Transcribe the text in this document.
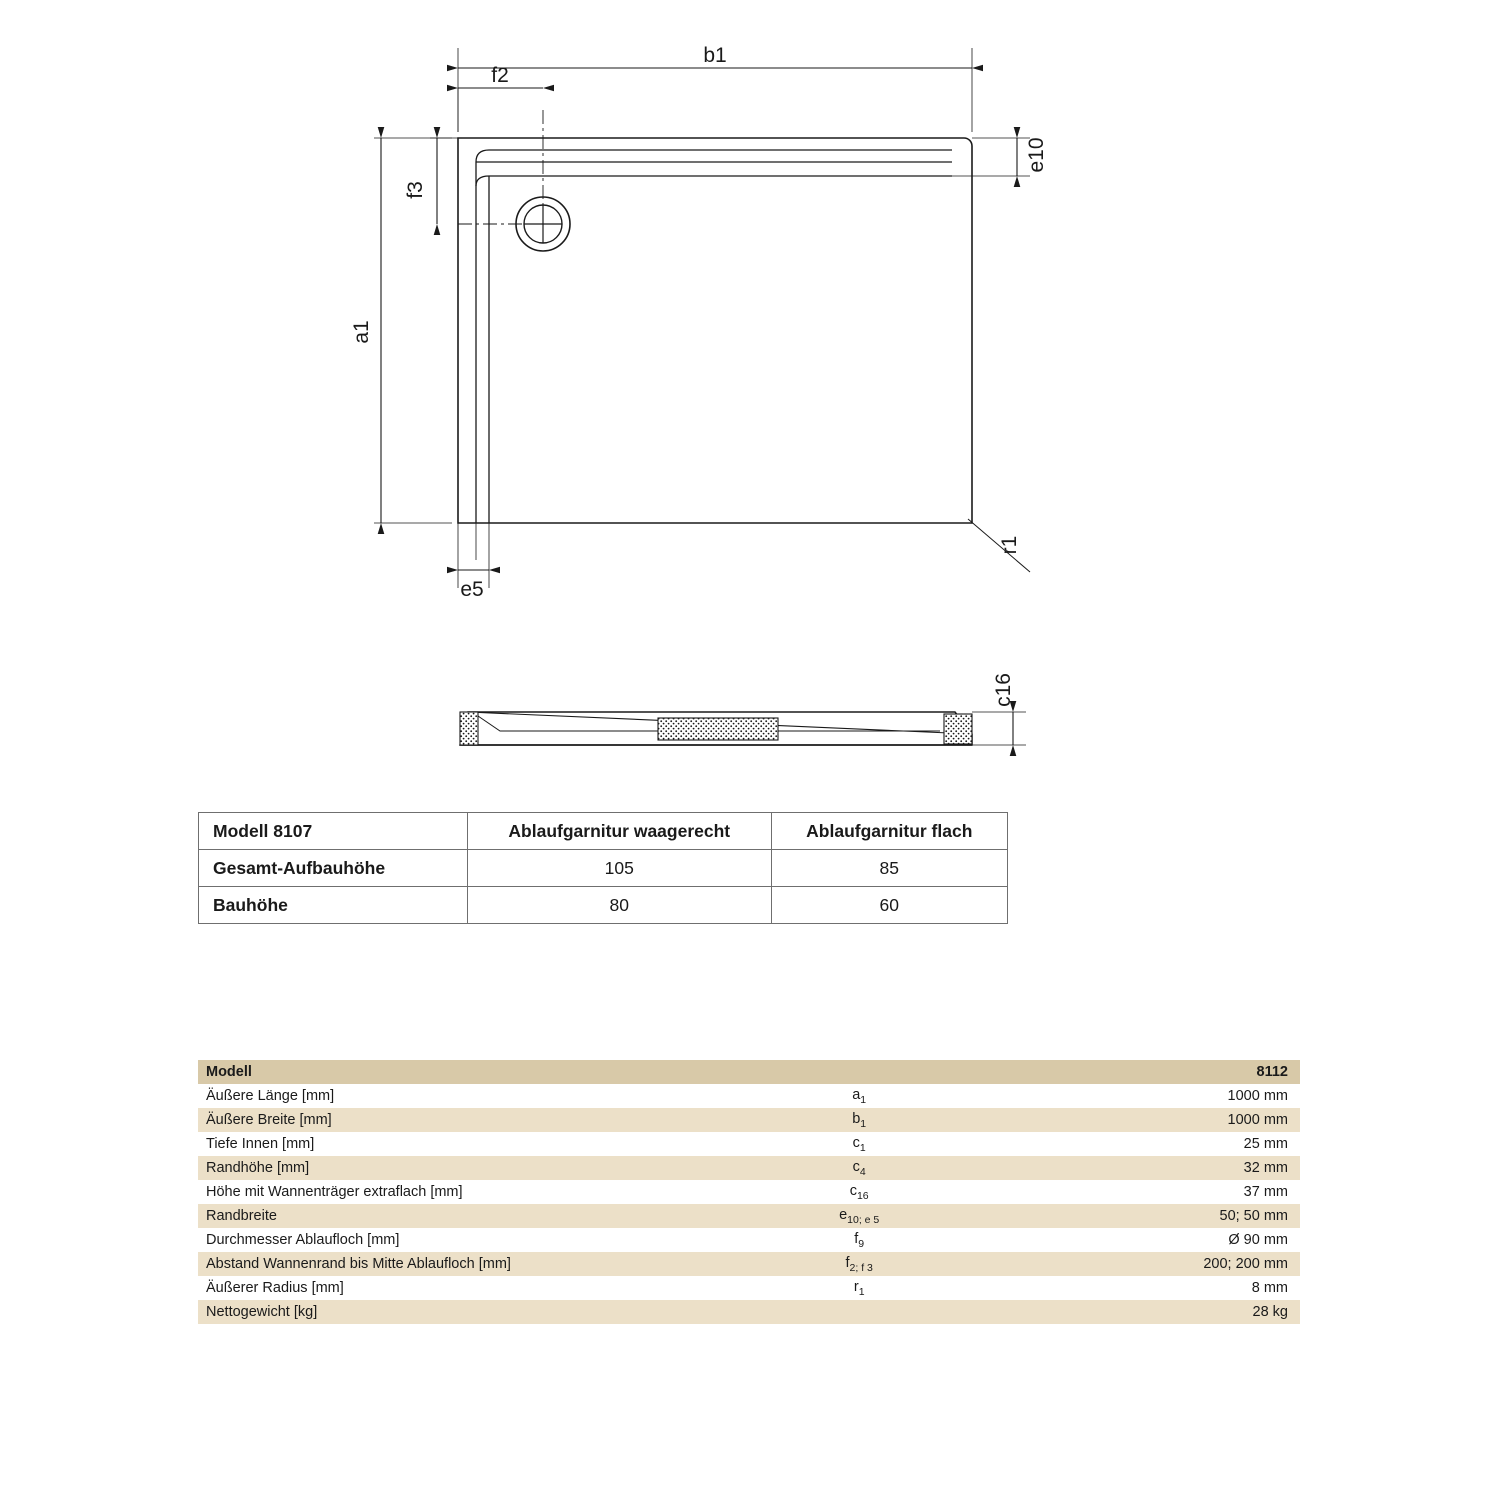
b1
f2
f3
a1
e10
e5
r1
c16
Modell 8107	Ablaufgarnitur waagerecht	Ablaufgarnitur flach
Gesamt-Aufbauhöhe	105	85
Bauhöhe	80	60
Modell		8112
Äußere Länge [mm]	$a_1$	1000 mm
Äußere Breite [mm]	$b_1$	1000 mm
Tiefe Innen [mm]	$c_1$	25 mm
Randhöhe [mm]	$c_4$	32 mm
Höhe mit Wannenträger extraflach [mm]	$c_{16}$	37 mm
Randbreite	$e_{10; e 5}$	50; 50 mm
Durchmesser Ablaufloch [mm]	$f_9$	Ø 90 mm
Abstand Wannenrand bis Mitte Ablaufloch [mm]	$f_{2; f 3}$	200; 200 mm
Äußerer Radius [mm]	$r_1$	8 mm
Nettogewicht [kg]		28 kg
